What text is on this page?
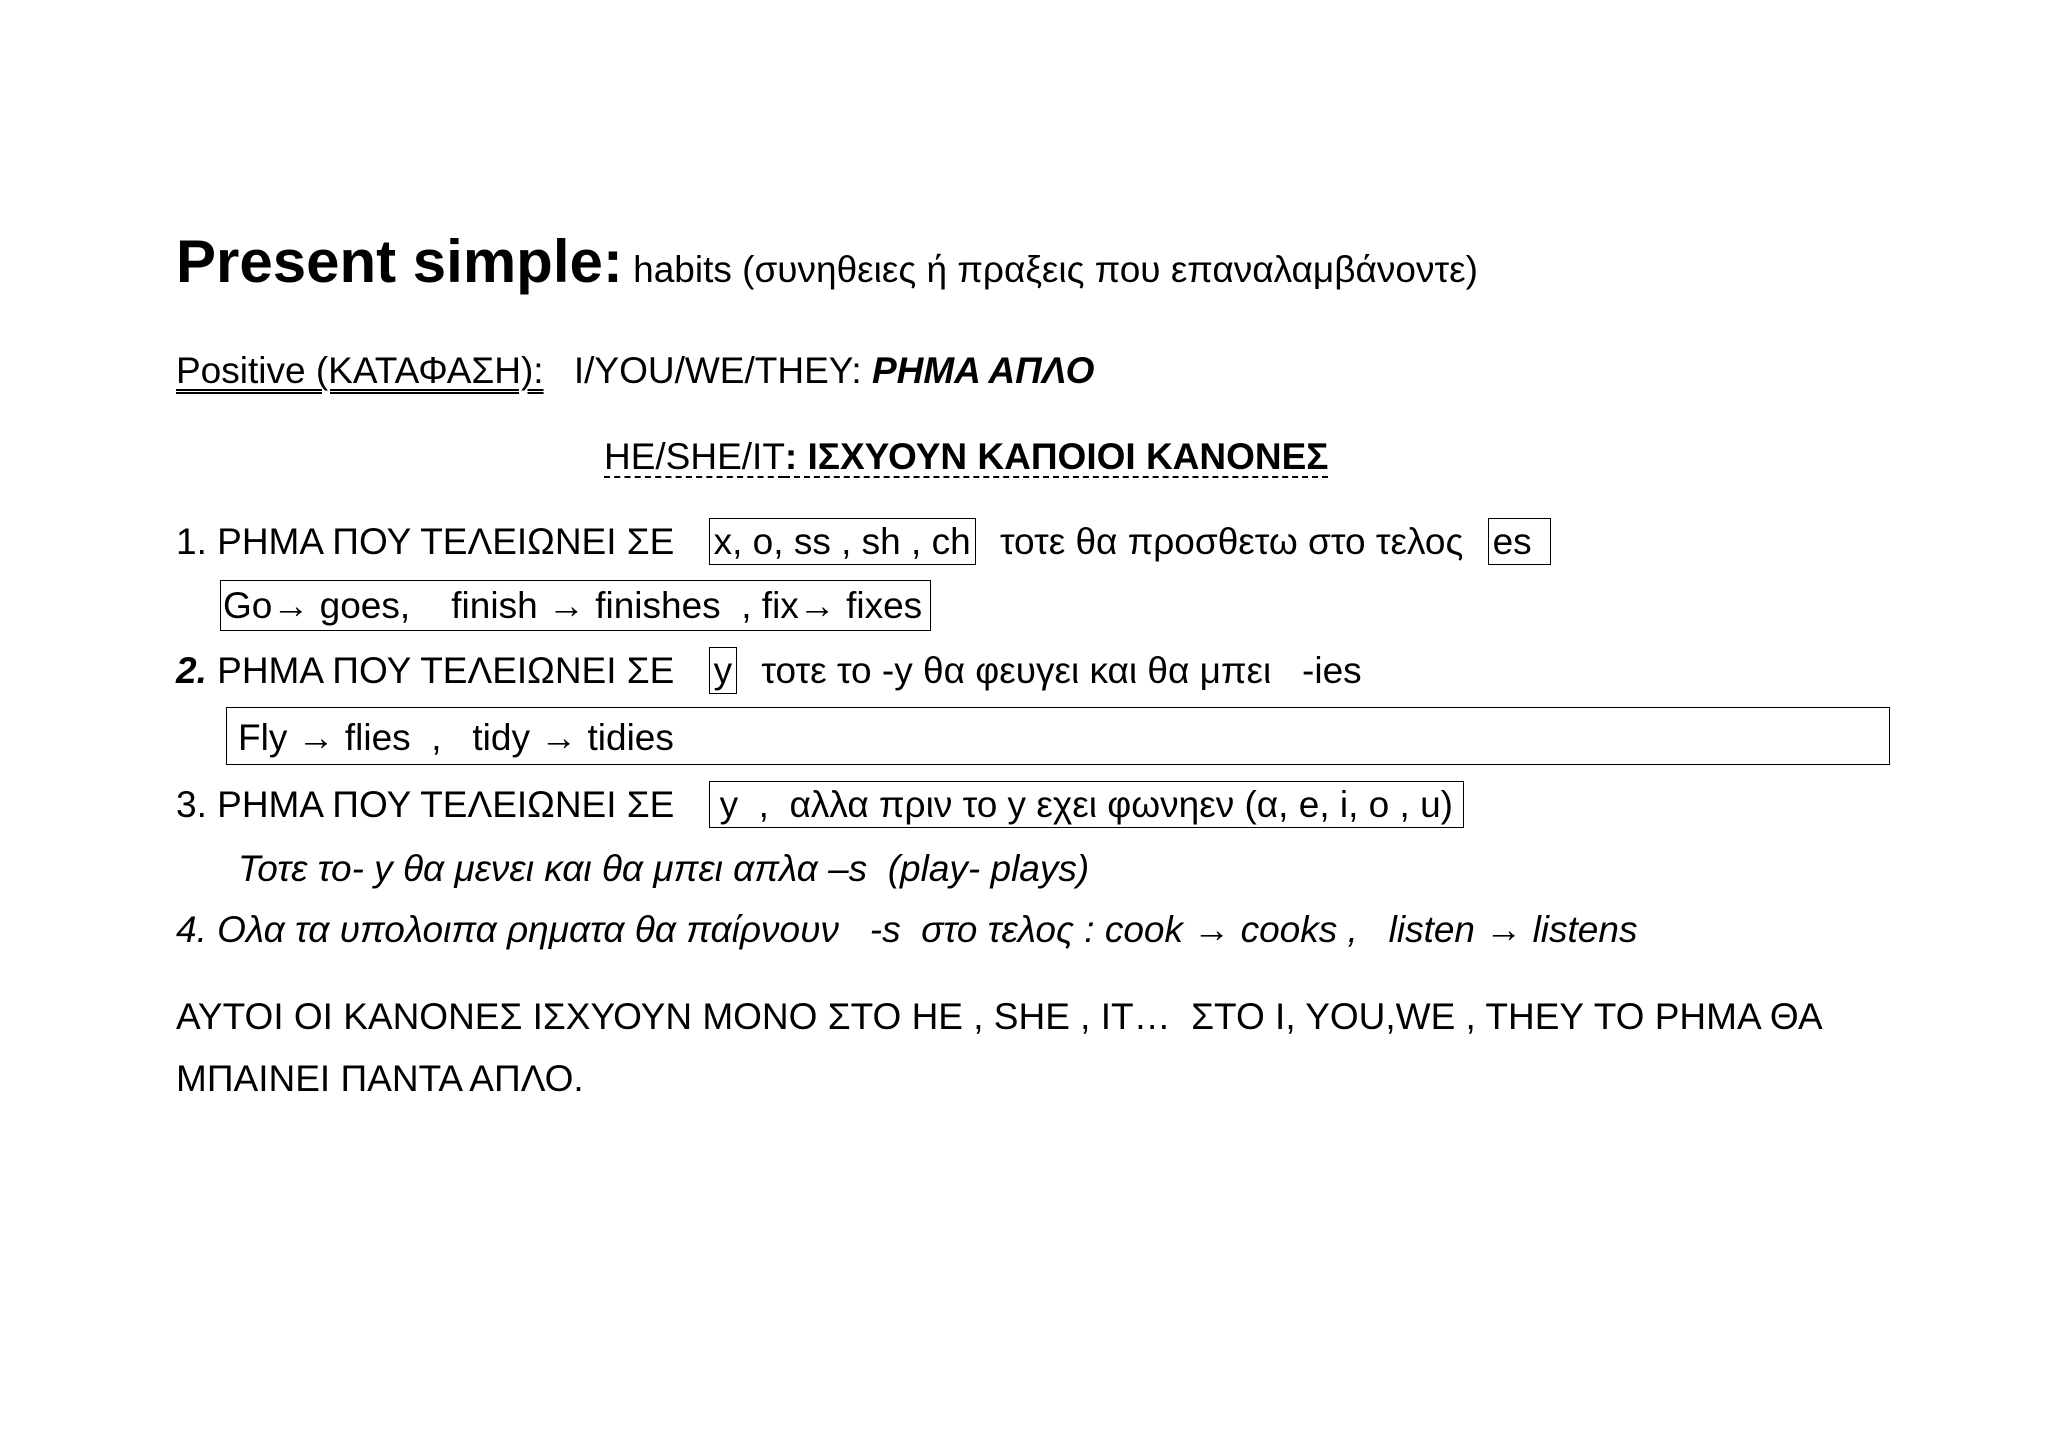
Present simple: habits (συνηθειες ή πραξεις που επαναλαμβάνοντε)
Positive (ΚΑΤΑΦΑΣΗ): I/YOU/WE/THEY: ΡΗΜΑ ΑΠΛΟ
HE/SHE/IT: ΙΣΧΥΟΥΝ ΚΑΠΟΙΟΙ ΚΑΝΟΝΕΣ
1. ΡΗΜΑ ΠΟΥ ΤΕΛΕΙΩΝΕΙ ΣΕ x, o, ss , sh , ch τοτε θα προσθετω στο τελος es
Go→ goes,    finish → finishes  , fix→ fixes
2. ΡΗΜΑ ΠΟΥ ΤΕΛΕΙΩΝΕΙ ΣΕ y τοτε το -y θα φευγει και θα μπει   -ies
Fly → flies  ,   tidy → tidies
3. ΡΗΜΑ ΠΟΥ ΤΕΛΕΙΩΝΕΙ ΣΕ y  ,  αλλα πριν το y εχει φωνηεν (α, e, i, o , u)
Τοτε το- y θα μενει και θα μπει απλα –s  (play- plays)
4. Ολα τα υπολοιπα ρηματα θα παίρνουν   -s  στο τελος : cook → cooks ,   listen → listens
ΑΥΤΟΙ ΟΙ ΚΑΝΟΝΕΣ ΙΣΧΥΟΥΝ ΜΟΝΟ ΣΤΟ HE , SHE , IT…  ΣΤΟ I, YOU,WE , THEY ΤΟ ΡΗΜΑ ΘΑ
ΜΠΑΙΝΕΙ ΠΑΝΤΑ ΑΠΛΟ.
